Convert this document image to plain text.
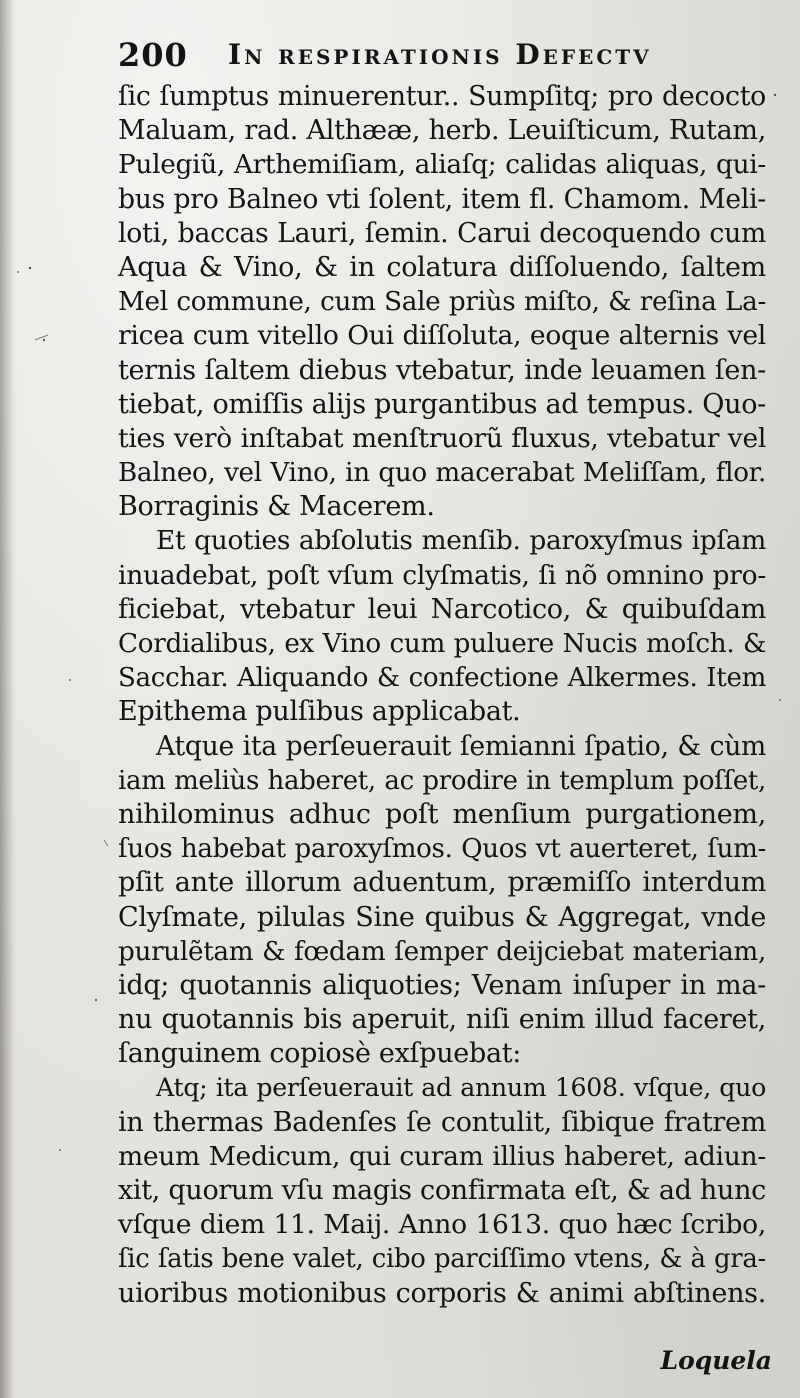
200 In respirationis Defectv
ſic ſumptus minuerentur.. Sumpſitq; pro decocto
Maluam, rad. Althææ, herb. Leuiſticum, Rutam,
Pulegiũ, Arthemiſiam, aliaſq; calidas aliquas, qui-
bus pro Balneo vti ſolent, item fl. Chamom. Meli-
loti, baccas Lauri, ſemin. Carui decoquendo cum
Aqua & Vino, & in colatura diſſoluendo, ſaltem
Mel commune, cum Sale priùs miſto, & reſina La-
ricea cum vitello Oui diſſoluta, eoque alternis vel
ternis ſaltem diebus vtebatur, inde leuamen ſen-
tiebat, omiſſis alijs purgantibus ad tempus. Quo-
ties verò inſtabat menſtruorũ fluxus, vtebatur vel
Balneo, vel Vino, in quo macerabat Meliſſam, flor.
Borraginis & Macerem.
Et quoties abſolutis menſib. paroxyſmus ipſam
inuadebat, poſt vſum clyſmatis, ſi nõ omnino pro-
ficiebat, vtebatur leui Narcotico, & quibuſdam
Cordialibus, ex Vino cum puluere Nucis moſch. &
Sacchar. Aliquando & confectione Alkermes. Item
Epithema pulſibus applicabat.
Atque ita perſeuerauit ſemianni ſpatio, & cùm
iam meliùs haberet, ac prodire in templum poſſet,
nihilominus adhuc poſt menſium purgationem,
ſuos habebat paroxyſmos. Quos vt auerteret, ſum-
pſit ante illorum aduentum, præmiſſo interdum
Clyſmate, pilulas Sine quibus & Aggregat, vnde
purulẽtam & fœdam ſemper deijciebat materiam,
idq; quotannis aliquoties; Venam inſuper in ma-
nu quotannis bis aperuit, niſi enim illud faceret,
ſanguinem copiosè exſpuebat:
Atq; ita perſeuerauit ad annum 1608. vſque, quo
in thermas Badenſes ſe contulit, ſibique fratrem
meum Medicum, qui curam illius haberet, adiun-
xit, quorum vſu magis confirmata eſt, & ad hunc
vſque diem 11. Maij. Anno 1613. quo hæc ſcribo,
ſic ſatis bene valet, cibo parciſſimo vtens, & à gra-
uioribus motionibus corporis & animi abſtinens.
Loquela
